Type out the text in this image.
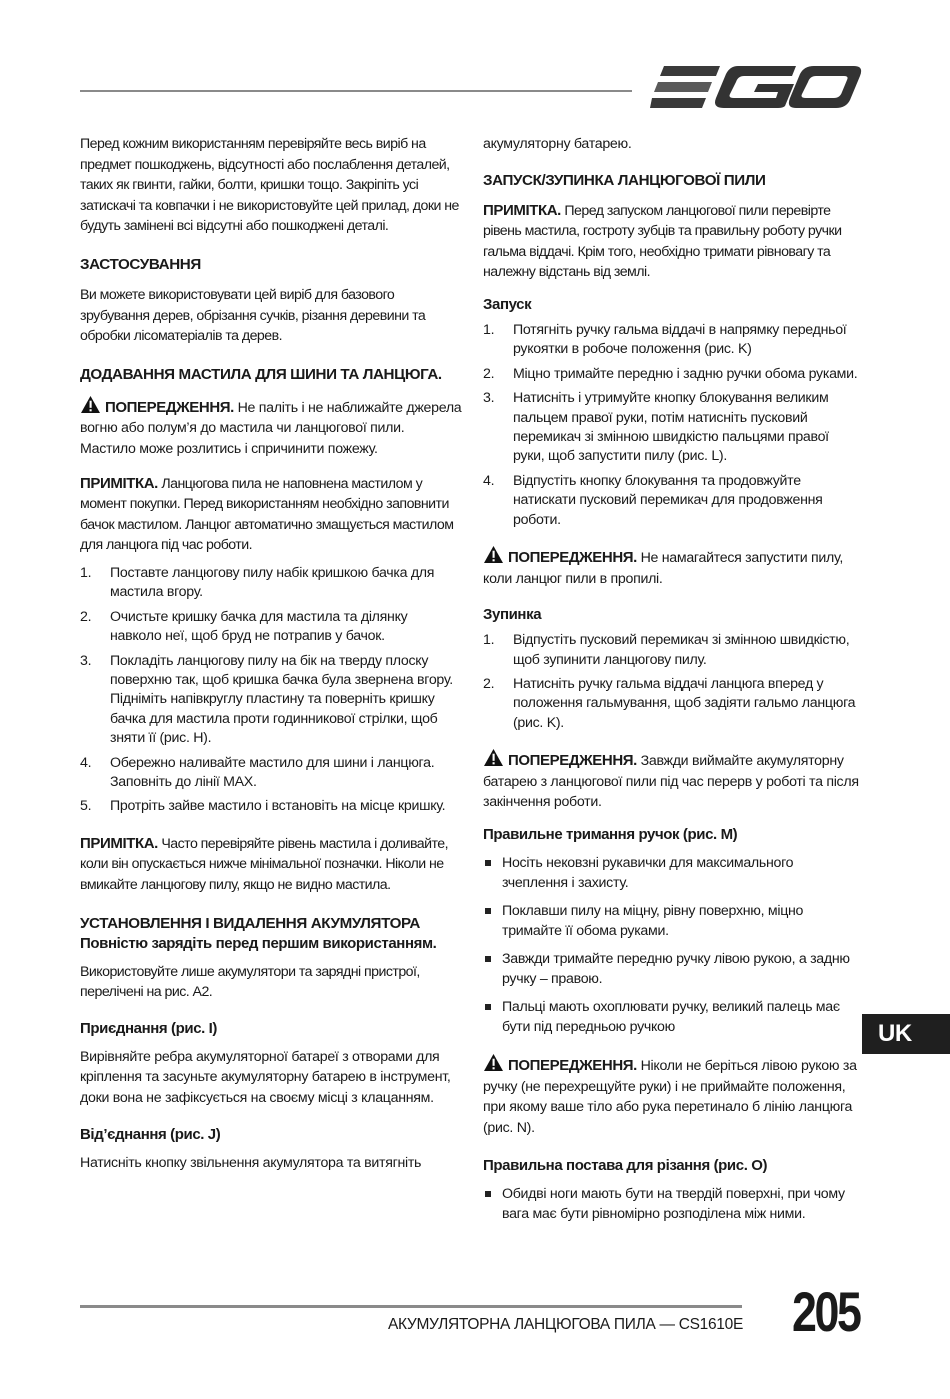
Перед кожним використанням перевіряйте весь виріб на предмет пошкоджень, відсутності або послаблення деталей, таких як гвинти, гайки, болти, кришки тощо. Закріпіть усі затискачі та ковпачки і не використовуйте цей прилад, доки не будуть замінені всі відсутні або пошкоджені деталі.

ЗАСТОСУВАННЯ

Ви можете використовувати цей виріб для базового зрубування дерев, обрізання сучків, різання деревини та обробки лісоматеріалів та дерев.

ДОДАВАННЯ МАСТИЛА ДЛЯ ШИНИ ТА ЛАНЦЮГА.

ПОПЕРЕДЖЕННЯ. Не паліть і не наближайте джерела вогню або полум’я до мастила чи ланцюгової пили. Мастило може розлитись і спричинити пожежу.

ПРИМІТКА. Ланцюгова пила не наповнена мастилом у момент покупки. Перед використанням необхідно заповнити бачок мастилом. Ланцюг автоматично змащується мастилом для ланцюга під час роботи.

1. Поставте ланцюгову пилу набік кришкою бачка для мастила вгору.
2. Очистьте кришку бачка для мастила та ділянку навколо неї, щоб бруд не потрапив у бачок.
3. Покладіть ланцюгову пилу на бік на тверду плоску поверхню так, щоб кришка бачка була звернена вгору. Підніміть напівкруглу пластину та поверніть кришку бачка для мастила проти годинникової стрілки, щоб зняти її (рис. H).
4. Обережно наливайте мастило для шини і ланцюга. Заповніть до лінії MAX.
5. Протріть зайве мастило і встановіть на місце кришку.

ПРИМІТКА. Часто перевіряйте рівень мастила і доливайте, коли він опускається нижче мінімальної позначки. Ніколи не вмикайте ланцюгову пилу, якщо не видно мастила.

УСТАНОВЛЕННЯ І ВИДАЛЕННЯ АКУМУЛЯТОРА
Повністю зарядіть перед першим використанням.

Використовуйте лише акумулятори та зарядні пристрої, перелічені на рис. A2.

Приєднання (рис. I)

Вирівняйте ребра акумуляторної батареї з отворами для кріплення та засуньте акумуляторну батарею в інструмент, доки вона не зафіксується на своєму місці з клацанням.

Від’єднання (рис. J)

Натисніть кнопку звільнення акумулятора та витягніть

акумуляторну батарею.

ЗАПУСК/ЗУПИНКА ЛАНЦЮГОВОЇ ПИЛИ

ПРИМІТКА. Перед запуском ланцюгової пили перевірте рівень мастила, гостроту зубців та правильну роботу ручки гальма віддачі. Крім того, необхідно тримати рівновагу та належну відстань від землі.

Запуск
1. Потягніть ручку гальма віддачі в напрямку передньої рукоятки в робоче положення (рис. K)
2. Міцно тримайте передню і задню ручки обома руками.
3. Натисніть і утримуйте кнопку блокування великим пальцем правої руки, потім натисніть пусковий перемикач зі змінною швидкістю пальцями правої руки, щоб запустити пилу (рис. L).
4. Відпустіть кнопку блокування та продовжуйте натискати пусковий перемикач для продовження роботи.

ПОПЕРЕДЖЕННЯ. Не намагайтеся запустити пилу, коли ланцюг пили в пропилі.

Зупинка
1. Відпустіть пусковий перемикач зі змінною швидкістю, щоб зупинити ланцюгову пилу.
2. Натисніть ручку гальма віддачі ланцюга вперед у положення гальмування, щоб задіяти гальмо ланцюга (рис. K).

ПОПЕРЕДЖЕННЯ. Завжди виймайте акумуляторну батарею з ланцюгової пили під час перерв у роботі та після закінчення роботи.

Правильне тримання ручок (рис. M)
Носіть нековзні рукавички для максимального зчеплення і захисту.
Поклавши пилу на міцну, рівну поверхню, міцно тримайте її обома руками.
Завжди тримайте передню ручку лівою рукою, а задню ручку – правою.
Пальці мають охоплювати ручку, великий палець має бути під передньою ручкою

ПОПЕРЕДЖЕННЯ. Ніколи не беріться лівою рукою за ручку (не перехрещуйте руки) і не приймайте положення, при якому ваше тіло або рука перетинало б лінію ланцюга (рис. N).

Правильна постава для різання (рис. O)
Обидві ноги мають бути на твердій поверхні, при чому вага має бути рівномірно розподілена між ними.
UK
АКУМУЛЯТОРНА ЛАНЦЮГОВА ПИЛА — CS1610E 205
